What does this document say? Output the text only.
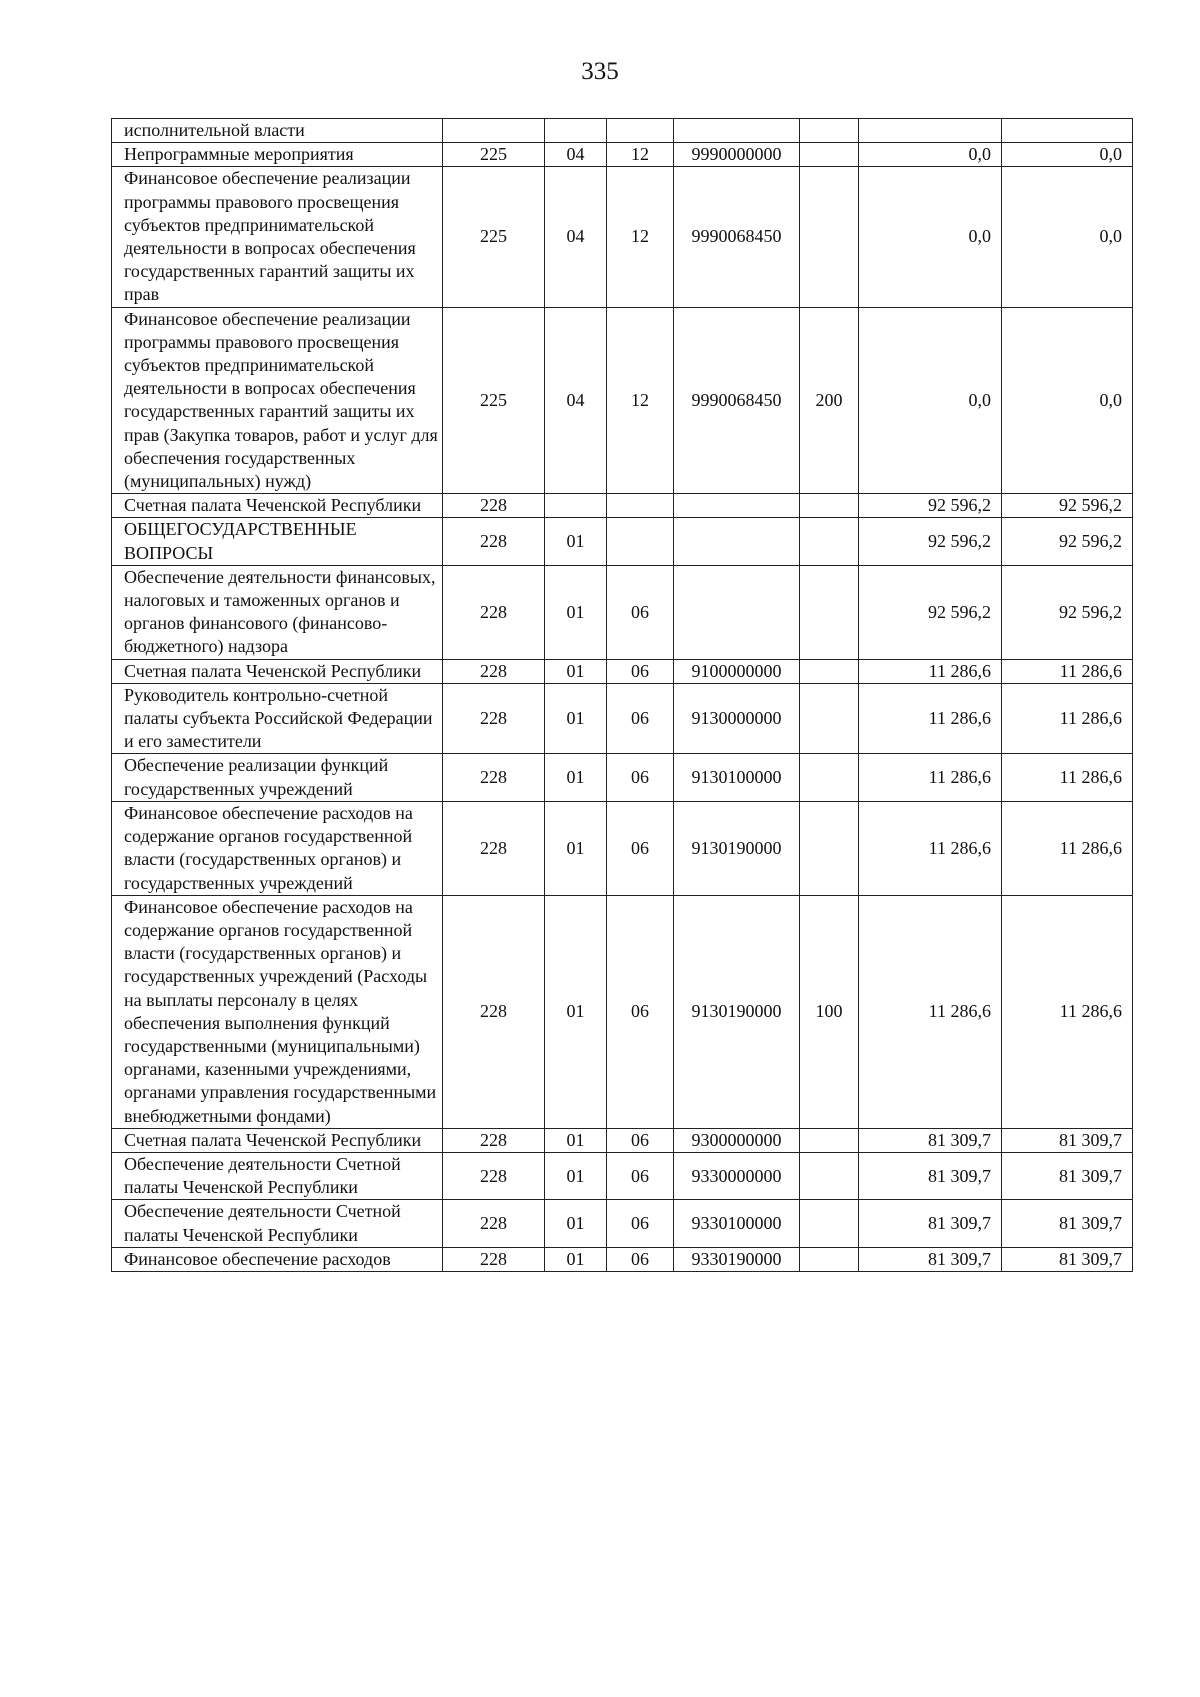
335
исполнительной власти							
Непрограммные мероприятия	225	04	12	9990000000		0,0	0,0
Финансовое обеспечение реализации программы правового просвещения субъектов предпринимательской деятельности в вопросах обеспечения государственных гарантий защиты их прав	225	04	12	9990068450		0,0	0,0
Финансовое обеспечение реализации программы правового просвещения субъектов предпринимательской деятельности в вопросах обеспечения государственных гарантий защиты их прав (Закупка товаров, работ и услуг для обеспечения государственных (муниципальных) нужд)	225	04	12	9990068450	200	0,0	0,0
Счетная палата Чеченской Республики	228					92 596,2	92 596,2
ОБЩЕГОСУДАРСТВЕННЫЕ ВОПРОСЫ	228	01				92 596,2	92 596,2
Обеспечение деятельности финансовых, налоговых и таможенных органов и органов финансового (финансово-бюджетного) надзора	228	01	06			92 596,2	92 596,2
Счетная палата Чеченской Республики	228	01	06	9100000000		11 286,6	11 286,6
Руководитель контрольно-счетной палаты субъекта Российской Федерации и его заместители	228	01	06	9130000000		11 286,6	11 286,6
Обеспечение реализации функций государственных учреждений	228	01	06	9130100000		11 286,6	11 286,6
Финансовое обеспечение расходов на содержание органов государственной власти (государственных органов) и государственных учреждений	228	01	06	9130190000		11 286,6	11 286,6
Финансовое обеспечение расходов на содержание органов государственной власти (государственных органов) и государственных учреждений (Расходы на выплаты персоналу в целях обеспечения выполнения функций государственными (муниципальными) органами, казенными учреждениями, органами управления государственными внебюджетными фондами)	228	01	06	9130190000	100	11 286,6	11 286,6
Счетная палата Чеченской Республики	228	01	06	9300000000		81 309,7	81 309,7
Обеспечение деятельности Счетной палаты Чеченской Республики	228	01	06	9330000000		81 309,7	81 309,7
Обеспечение деятельности Счетной палаты Чеченской Республики	228	01	06	9330100000		81 309,7	81 309,7
Финансовое обеспечение расходов	228	01	06	9330190000		81 309,7	81 309,7
